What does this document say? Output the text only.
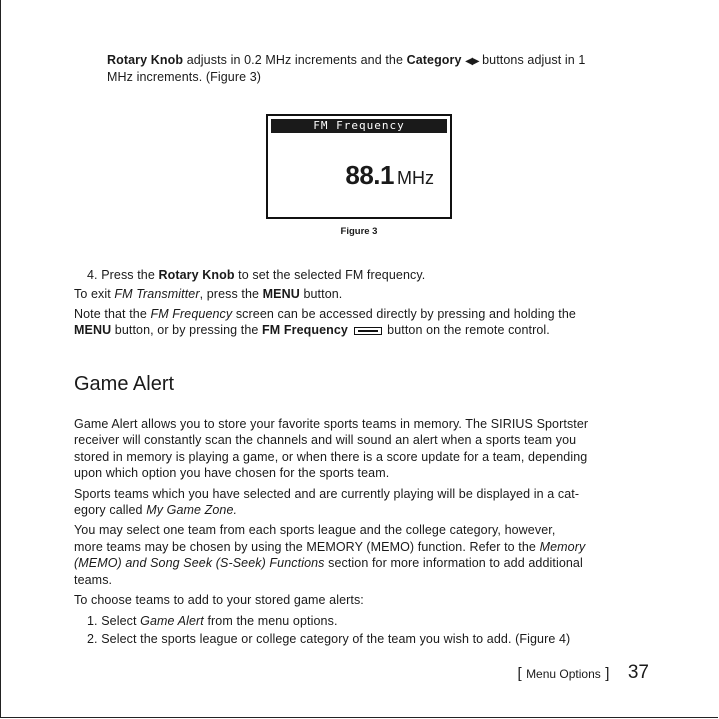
Rotary Knob adjusts in 0.2 MHz increments and the Category ◀▶ buttons adjust in 1
MHz increments. (Figure 3)
FM Frequency
88.1 MHz
Figure 3
4. Press the Rotary Knob to set the selected FM frequency.
To exit FM Transmitter, press the MENU button.
Note that the FM Frequency screen can be accessed directly by pressing and holding the
MENU button, or by pressing the FM Frequency	button on the remote control.
Game Alert
Game Alert allows you to store your favorite sports teams in memory. The SIRIUS Sportster
receiver will constantly scan the channels and will sound an alert when a sports team you
stored in memory is playing a game, or when there is a score update for a team, depending
upon which option you have chosen for the sports team.
Sports teams which you have selected and are currently playing will be displayed in a cat-
egory called My Game Zone.
You may select one team from each sports league and the college category, however,
more teams may be chosen by using the MEMORY (MEMO) function. Refer to the Memory
(MEMO) and Song Seek (S-Seek) Functions section for more information to add additional
teams.
To choose teams to add to your stored game alerts:
1. Select Game Alert from the menu options.
2. Select the sports league or college category of the team you wish to add. (Figure 4)
[ Menu Options ] 37
